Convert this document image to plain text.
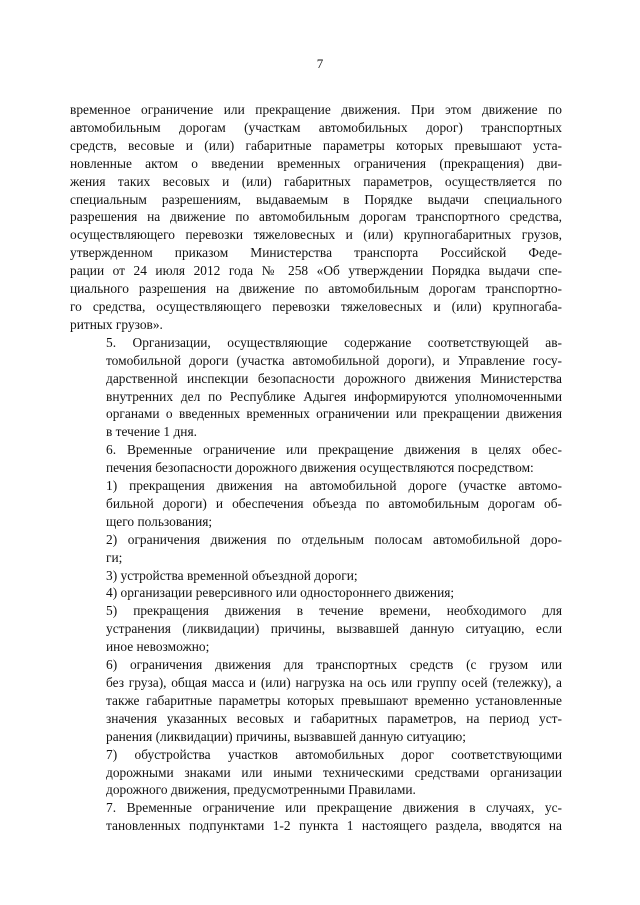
7
временное ограничение или прекращение движения. При этом движение по
автомобильным дорогам (участкам автомобильных дорог) транспортных
средств, весовые и (или) габаритные параметры которых превышают уста-
новленные актом о введении временных ограничения (прекращения) дви-
жения таких весовых и (или) габаритных параметров, осуществляется по
специальным разрешениям, выдаваемым в Порядке выдачи специального
разрешения на движение по автомобильным дорогам транспортного средства,
осуществляющего перевозки тяжеловесных и (или) крупногабаритных грузов,
утвержденном приказом Министерства транспорта Российской Феде-
рации от 24 июля 2012 года № 258 «Об утверждении Порядка выдачи спе-
циального разрешения на движение по автомобильным дорогам транспортно-
го средства, осуществляющего перевозки тяжеловесных и (или) крупногаба-
ритных грузов».
5. Организации, осуществляющие содержание соответствующей ав-
томобильной дороги (участка автомобильной дороги), и Управление госу-
дарственной инспекции безопасности дорожного движения Министерства
внутренних дел по Республике Адыгея информируются уполномоченными
органами о введенных временных ограничении или прекращении движения
в течение 1 дня.
6. Временные ограничение или прекращение движения в целях обес-
печения безопасности дорожного движения осуществляются посредством:
1) прекращения движения на автомобильной дороге (участке автомо-
бильной дороги) и обеспечения объезда по автомобильным дорогам об-
щего пользования;
2) ограничения движения по отдельным полосам автомобильной доро-
ги;
3) устройства временной объездной дороги;
4) организации реверсивного или одностороннего движения;
5) прекращения движения в течение времени, необходимого для
устранения (ликвидации) причины, вызвавшей данную ситуацию, если
иное невозможно;
6) ограничения движения для транспортных средств (с грузом или
без груза), общая масса и (или) нагрузка на ось или группу осей (тележку), а
также габаритные параметры которых превышают временно установленные
значения указанных весовых и габаритных параметров, на период уст-
ранения (ликвидации) причины, вызвавшей данную ситуацию;
7) обустройства участков автомобильных дорог соответствующими
дорожными знаками или иными техническими средствами организации
дорожного движения, предусмотренными Правилами.
7. Временные ограничение или прекращение движения в случаях, ус-
тановленных подпунктами 1-2 пункта 1 настоящего раздела, вводятся на
